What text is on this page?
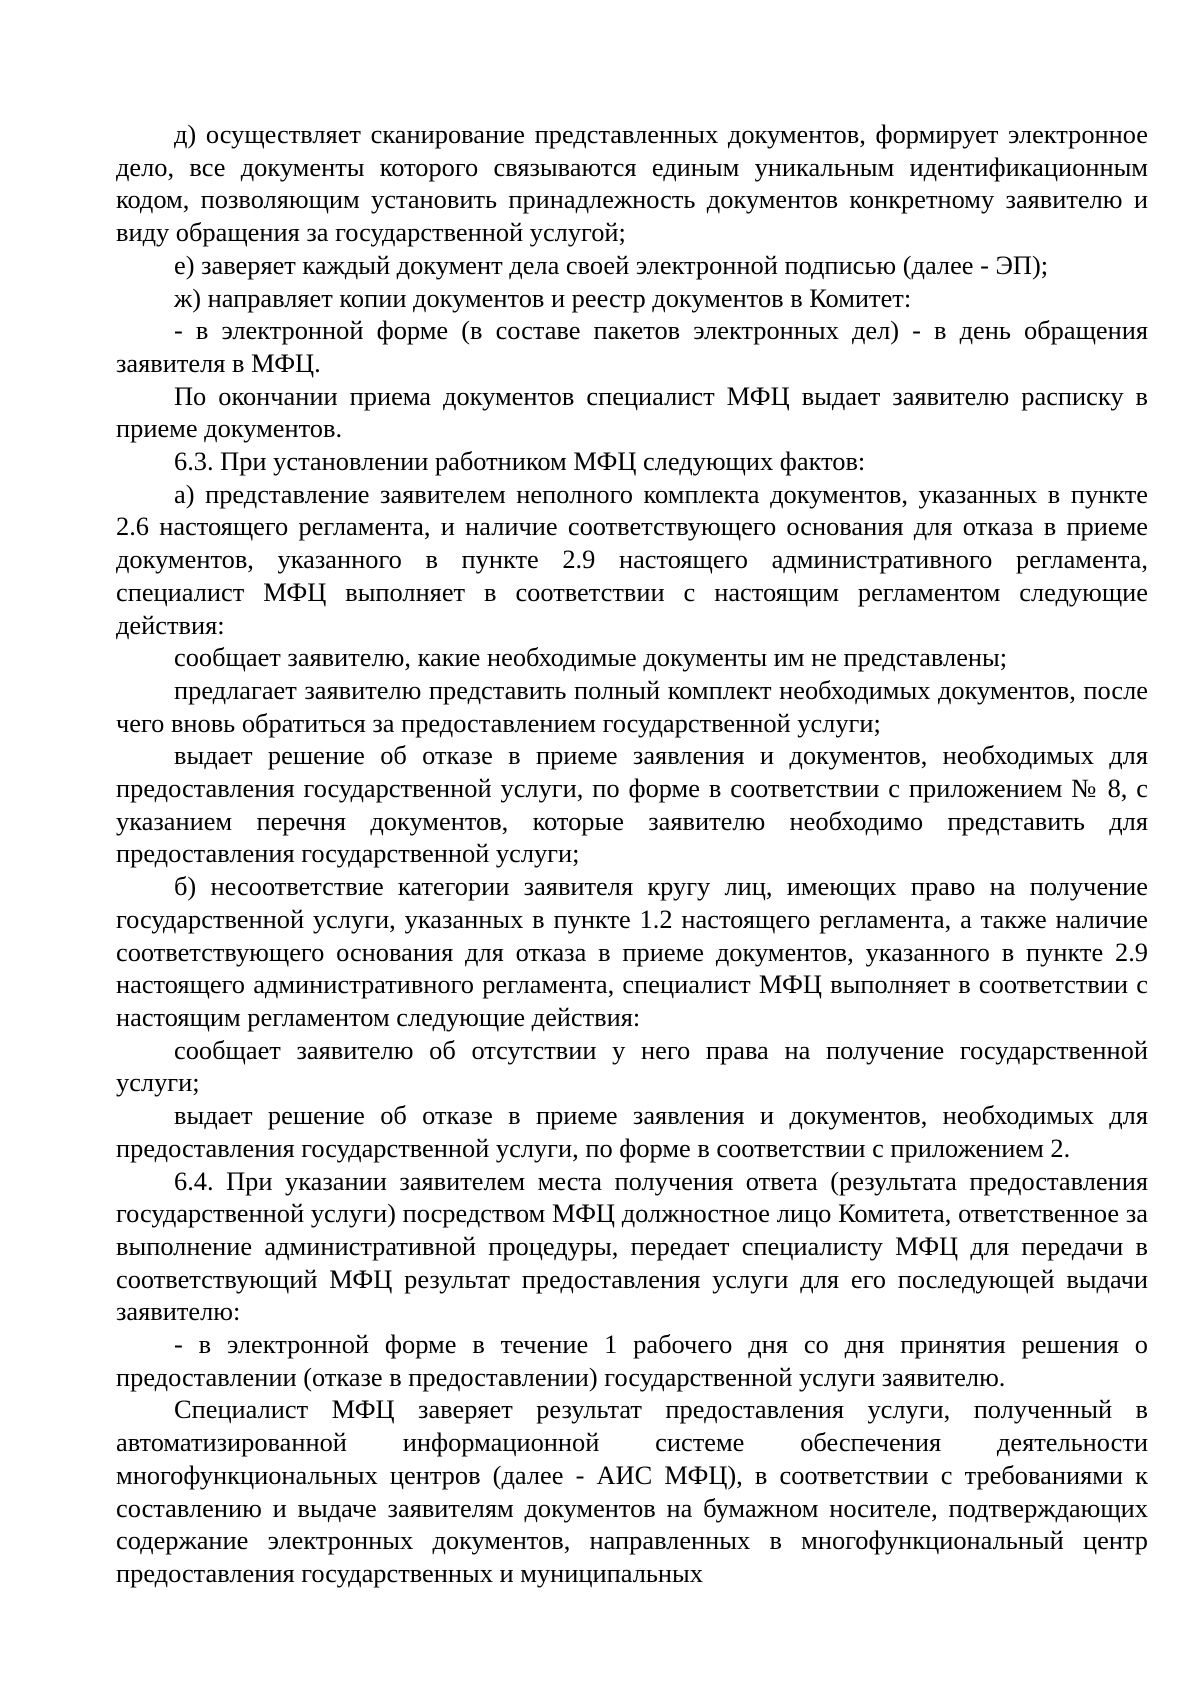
д) осуществляет сканирование представленных документов, формирует электронное дело, все документы которого связываются единым уникальным идентификационным кодом, позволяющим установить принадлежность документов конкретному заявителю и виду обращения за государственной услугой;

е) заверяет каждый документ дела своей электронной подписью (далее - ЭП);

ж) направляет копии документов и реестр документов в Комитет:

- в электронной форме (в составе пакетов электронных дел) - в день обращения заявителя в МФЦ.

По окончании приема документов специалист МФЦ выдает заявителю расписку в приеме документов.

6.3. При установлении работником МФЦ следующих фактов:

а) представление заявителем неполного комплекта документов, указанных в пункте 2.6 настоящего регламента, и наличие соответствующего основания для отказа в приеме документов, указанного в пункте 2.9 настоящего административного регламента, специалист МФЦ выполняет в соответствии с настоящим регламентом следующие действия:

сообщает заявителю, какие необходимые документы им не представлены;

предлагает заявителю представить полный комплект необходимых документов, после чего вновь обратиться за предоставлением государственной услуги;

выдает решение об отказе в приеме заявления и документов, необходимых для предоставления государственной услуги, по форме в соответствии с приложением № 8, с указанием перечня документов, которые заявителю необходимо представить для предоставления государственной услуги;

б) несоответствие категории заявителя кругу лиц, имеющих право на получение государственной услуги, указанных в пункте 1.2 настоящего регламента, а также наличие соответствующего основания для отказа в приеме документов, указанного в пункте 2.9 настоящего административного регламента, специалист МФЦ выполняет в соответствии с настоящим регламентом следующие действия:

сообщает заявителю об отсутствии у него права на получение государственной услуги;

выдает решение об отказе в приеме заявления и документов, необходимых для предоставления государственной услуги, по форме в соответствии с приложением 2.

6.4. При указании заявителем места получения ответа (результата предоставления государственной услуги) посредством МФЦ должностное лицо Комитета, ответственное за выполнение административной процедуры, передает специалисту МФЦ для передачи в соответствующий МФЦ результат предоставления услуги для его последующей выдачи заявителю:

- в электронной форме в течение 1 рабочего дня со дня принятия решения о предоставлении (отказе в предоставлении) государственной услуги заявителю.

Специалист МФЦ заверяет результат предоставления услуги, полученный в автоматизированной информационной системе обеспечения деятельности многофункциональных центров (далее - АИС МФЦ), в соответствии с требованиями к составлению и выдаче заявителям документов на бумажном носителе, подтверждающих содержание электронных документов, направленных в многофункциональный центр предоставления государственных и муниципальных
